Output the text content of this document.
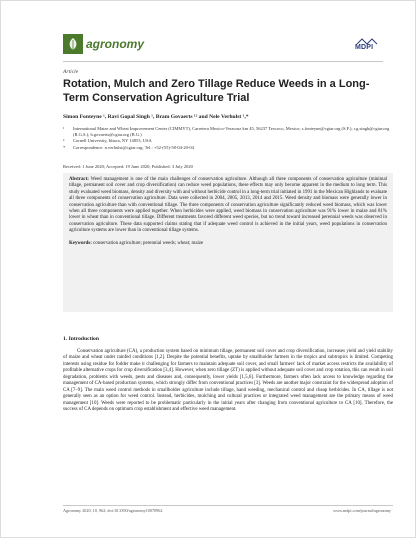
agronomy	MDPI
Article
Rotation, Mulch and Zero Tillage Reduce Weeds in a Long-Term Conservation Agriculture Trial
Simon Fonteyne ¹, Ravi Gopal Singh ¹, Bram Govaerts ¹² and Nele Verhulst ¹,*
¹	International Maize and Wheat Improvement Center (CIMMYT), Carretera Mexico-Veracruz km 45, 56237 Texcoco, Mexico; s.fonteyne@cgiar.org (S.F.); r.g.singh@cgiar.org (R.G.S.); b.govaerts@cgiar.org (B.G.)
²	Cornell University, Ithaca, NY 14853, USA
*	Correspondence: n.verhulst@cgiar.org; Tel.: +52-(55)-58-04-20-04
Received: 1 June 2020; Accepted: 19 June 2020; Published: 3 July 2020

Abstract: Weed management is one of the main challenges of conservation agriculture. Although all three components of conservation agriculture (minimal tillage, permanent soil cover and crop diversification) can reduce weed populations, these effects may only become apparent in the medium to long term. This study evaluated weed biomass, density and diversity with and without herbicide control in a long-term trial initiated in 1991 in the Mexican Highlands to evaluate all three components of conservation agriculture. Data were collected in 2004, 2005, 2013, 2014 and 2015. Weed density and biomass were generally lower in conservation agriculture than with conventional tillage. The three components of conservation agriculture significantly reduced weed biomass, which was lower when all three components were applied together. When herbicides were applied, weed biomass in conservation agriculture was 91% lower in maize and 81% lower in wheat than in conventional tillage. Different treatments favored different weed species, but no trend toward increased perennial weeds was observed in conservation agriculture. These data supported claims stating that if adequate weed control is achieved in the initial years, weed populations in conservation agriculture systems are lower than in conventional tillage systems.

Keywords: conservation agriculture; perennial weeds; wheat; maize
1. Introduction

Conservation agriculture (CA), a production system based on minimum tillage, permanent soil cover and crop diversification, increases yield and yield stability of maize and wheat under rainfed conditions [1,2]. Despite the potential benefits, uptake by smallholder farmers in the tropics and subtropics is limited. Competing interests using residue for fodder make it challenging for farmers to maintain adequate soil cover, and small farmers' lack of market access restricts the availability of profitable alternative crops for crop diversification [3,4]. However, when zero tillage (ZT) is applied without adequate soil cover and crop rotation, this can result in soil degradation, problems with weeds, pests and diseases and, consequently, lower yields [1,5,6]. Furthermore, farmers often lack access to knowledge regarding the management of CA-based production systems, which strongly differ from conventional practices [3]. Weeds are another major constraint for the widespread adoption of CA [7–9]. The main weed control methods in smallholder agriculture include tillage, hand weeding, mechanical control and cheap herbicides. In CA, tillage is not generally seen as an option for weed control. Instead, herbicides, mulching and cultural practices or integrated weed management are the primary means of weed management [10]. Weeds were reported to be problematic particularly in the initial years after changing from conventional agriculture to CA [10]. Therefore, the success of CA depends on optimum crop establishment and effective weed management.

Agronomy 2020, 10, 962; doi:10.3390/agronomy10070962	www.mdpi.com/journal/agronomy
